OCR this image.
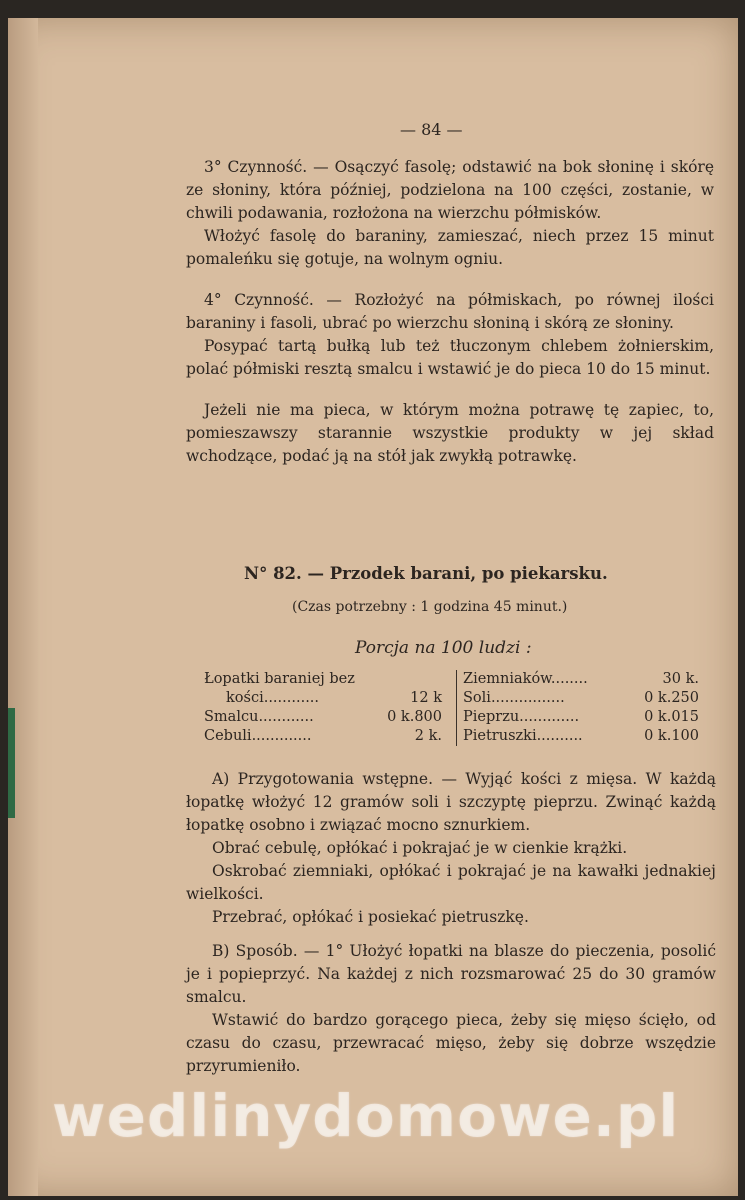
— 84 —

3° Czynność. — Osączyć fasolę; odstawić na bok słoninę i skórę ze słoniny, która później, podzielona na 100 części, zostanie, w chwili podawania, rozłożona na wierzchu półmisków.

Włożyć fasolę do baraniny, zamieszać, niech przez 15 minut pomaleńku się gotuje, na wolnym ogniu.

4° Czynność. — Rozłożyć na półmiskach, po równej ilości baraniny i fasoli, ubrać po wierzchu słoniną i skórą ze słoniny.

Posypać tartą bułką lub też tłuczonym chlebem żołnierskim, polać półmiski resztą smalcu i wstawić je do pieca 10 do 15 minut.

Jeżeli nie ma pieca, w którym można potrawę tę zapiec, to, pomieszawszy starannie wszystkie produkty w jej skład wchodzące, podać ją na stół jak zwykłą potrawkę.

N° 82. — Przodek barani, po piekarsku.
(Czas potrzebny : 1 godzina 45 minut.)
Porcja na 100 ludzi :
Łopatki baraniej bez
kości............	12 k
Smalcu............	0 k.800
Cebuli.............	2 k.
Ziemniaków........	30 k.
Soli................	0 k.250
Pieprzu.............	0 k.015
Pietruszki..........	0 k.100

A) Przygotowania wstępne. — Wyjąć kości z mięsa. W każdą łopatkę włożyć 12 gramów soli i szczyptę pieprzu. Zwinąć każdą łopatkę osobno i związać mocno sznurkiem.

Obrać cebulę, opłókać i pokrajać je w cienkie krążki.

Oskrobać ziemniaki, opłókać i pokrajać je na kawałki jednakiej wielkości.

Przebrać, opłókać i posiekać pietruszkę.

B) Sposób. — 1° Ułożyć łopatki na blasze do pieczenia, posolić je i popieprzyć. Na każdej z nich rozsmarować 25 do 30 gramów smalcu.

Wstawić do bardzo gorącego pieca, żeby się mięso ścięło, od czasu do czasu, przewracać mięso, żeby się dobrze wszędzie przyrumieniło.

wedlinydomowe.pl
